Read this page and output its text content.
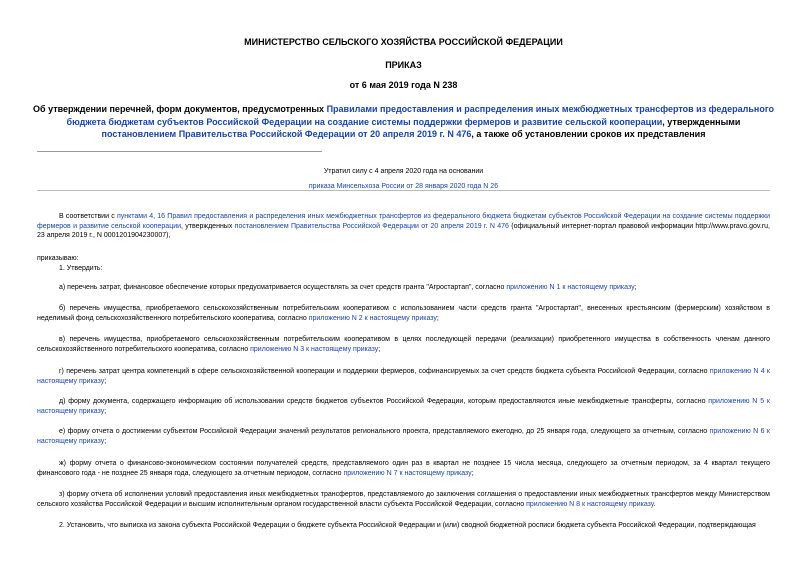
МИНИСТЕРСТВО СЕЛЬСКОГО ХОЗЯЙСТВА РОССИЙСКОЙ ФЕДЕРАЦИИ
ПРИКАЗ
от 6 мая 2019 года N 238
Об утверждении перечней, форм документов, предусмотренных Правилами предоставления и распределения иных межбюджетных трансфертов из федерального бюджета бюджетам субъектов Российской Федерации на создание системы поддержки фермеров и развитие сельской кооперации, утвержденными постановлением Правительства Российской Федерации от 20 апреля 2019 г. N 476, а также об установлении сроков их представления
Утратил силу с 4 апреля 2020 года на основании
приказа Минсельхоза России от 28 января 2020 года N 26
В соответствии с пунктами 4, 16 Правил предоставления и распределения иных межбюджетных трансфертов из федерального бюджета бюджетам субъектов Российской Федерации на создание системы поддержки фермеров и развитие сельской кооперации, утвержденных постановлением Правительства Российской Федерации от 20 апреля 2019 г. N 476 (официальный интернет-портал правовой информации http://www.pravo.gov.ru, 23 апреля 2019 г., N 0001201904230007),
приказываю:
1. Утвердить:
а) перечень затрат, финансовое обеспечение которых предусматривается осуществлять за счет средств гранта "Агростартап", согласно приложению N 1 к настоящему приказу;
б) перечень имущества, приобретаемого сельскохозяйственным потребительским кооперативом с использованием части средств гранта "Агростартап", внесенных крестьянским (фермерским) хозяйством в неделимый фонд сельскохозяйственного потребительского кооператива, согласно приложению N 2 к настоящему приказу;
в) перечень имущества, приобретаемого сельскохозяйственным потребительским кооперативом в целях последующей передачи (реализации) приобретенного имущества в собственность членам данного сельскохозяйственного потребительского кооператива, согласно приложению N 3 к настоящему приказу;
г) перечень затрат центра компетенций в сфере сельскохозяйственной кооперации и поддержки фермеров, софинансируемых за счет средств бюджета субъекта Российской Федерации, согласно приложению N 4 к настоящему приказу;
д) форму документа, содержащего информацию об использовании средств бюджетов субъектов Российской Федерации, которым предоставляются иные межбюджетные трансферты, согласно приложению N 5 к настоящему приказу;
е) форму отчета о достижении субъектом Российской Федерации значений результатов регионального проекта, представляемого ежегодно, до 25 января года, следующего за отчетным, согласно приложению N 6 к настоящему приказу;
ж) форму отчета о финансово-экономическом состоянии получателей средств, представляемого один раз в квартал не позднее 15 числа месяца, следующего за отчетным периодом, за 4 квартал текущего финансового года - не позднее 25 января года, следующего за отчетным периодом, согласно приложению N 7 к настоящему приказу;
з) форму отчета об исполнении условий предоставления иных межбюджетных трансфертов, представляемого до заключения соглашения о предоставлении иных межбюджетных трансфертов между Министерством сельского хозяйства Российской Федерации и высшим исполнительным органом государственной власти субъекта Российской Федерации, согласно приложению N 8 к настоящему приказу.
2. Установить, что выписка из закона субъекта Российской Федерации о бюджете субъекта Российской Федерации и (или) сводной бюджетной росписи бюджета субъекта Российской Федерации, подтверждающая
